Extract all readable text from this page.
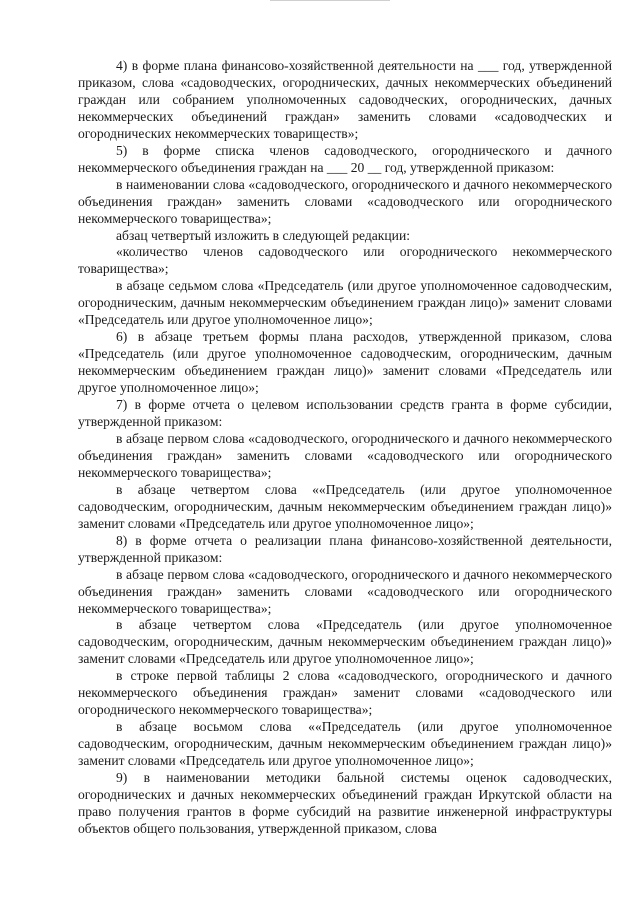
4) в форме плана финансово-хозяйственной деятельности на ___ год, утвержденной приказом, слова «садоводческих, огороднических, дачных некоммерческих объединений граждан или собранием уполномоченных садоводческих, огороднических, дачных некоммерческих объединений граждан» заменить словами «садоводческих и огороднических некоммерческих товариществ»;

5) в форме списка членов садоводческого, огороднического и дачного некоммерческого объединения граждан на ___ 20 __ год, утвержденной приказом:

в наименовании слова «садоводческого, огороднического и дачного некоммерческого объединения граждан» заменить словами «садоводческого или огороднического некоммерческого товарищества»;

абзац четвертый изложить в следующей редакции:

«количество членов садоводческого или огороднического некоммерческого товарищества»;

в абзаце седьмом слова «Председатель (или другое уполномоченное садоводческим, огородническим, дачным некоммерческим объединением граждан лицо)» заменит словами «Председатель или другое уполномоченное лицо»;

6) в абзаце третьем формы плана расходов, утвержденной приказом, слова «Председатель (или другое уполномоченное садоводческим, огородническим, дачным некоммерческим объединением граждан лицо)» заменит словами «Председатель или другое уполномоченное лицо»;

7) в форме отчета о целевом использовании средств гранта в форме субсидии, утвержденной приказом:

в абзаце первом слова «садоводческого, огороднического и дачного некоммерческого объединения граждан» заменить словами «садоводческого или огороднического некоммерческого товарищества»;

в абзаце четвертом слова ««Председатель (или другое уполномоченное садоводческим, огородническим, дачным некоммерческим объединением граждан лицо)» заменит словами «Председатель или другое уполномоченное лицо»;

8) в форме отчета о реализации плана финансово-хозяйственной деятельности, утвержденной приказом:

в абзаце первом слова «садоводческого, огороднического и дачного некоммерческого объединения граждан» заменить словами «садоводческого или огороднического некоммерческого товарищества»;

в абзаце четвертом слова «Председатель (или другое уполномоченное садоводческим, огородническим, дачным некоммерческим объединением граждан лицо)» заменит словами «Председатель или другое уполномоченное лицо»;

в строке первой таблицы 2 слова «садоводческого, огороднического и дачного некоммерческого объединения граждан» заменит словами «садоводческого или огороднического некоммерческого товарищества»;

в абзаце восьмом слова ««Председатель (или другое уполномоченное садоводческим, огородническим, дачным некоммерческим объединением граждан лицо)» заменит словами «Председатель или другое уполномоченное лицо»;

9) в наименовании методики бальной системы оценок садоводческих, огороднических и дачных некоммерческих объединений граждан Иркутской области на право получения грантов в форме субсидий на развитие инженерной инфраструктуры объектов общего пользования, утвержденной приказом, слова
